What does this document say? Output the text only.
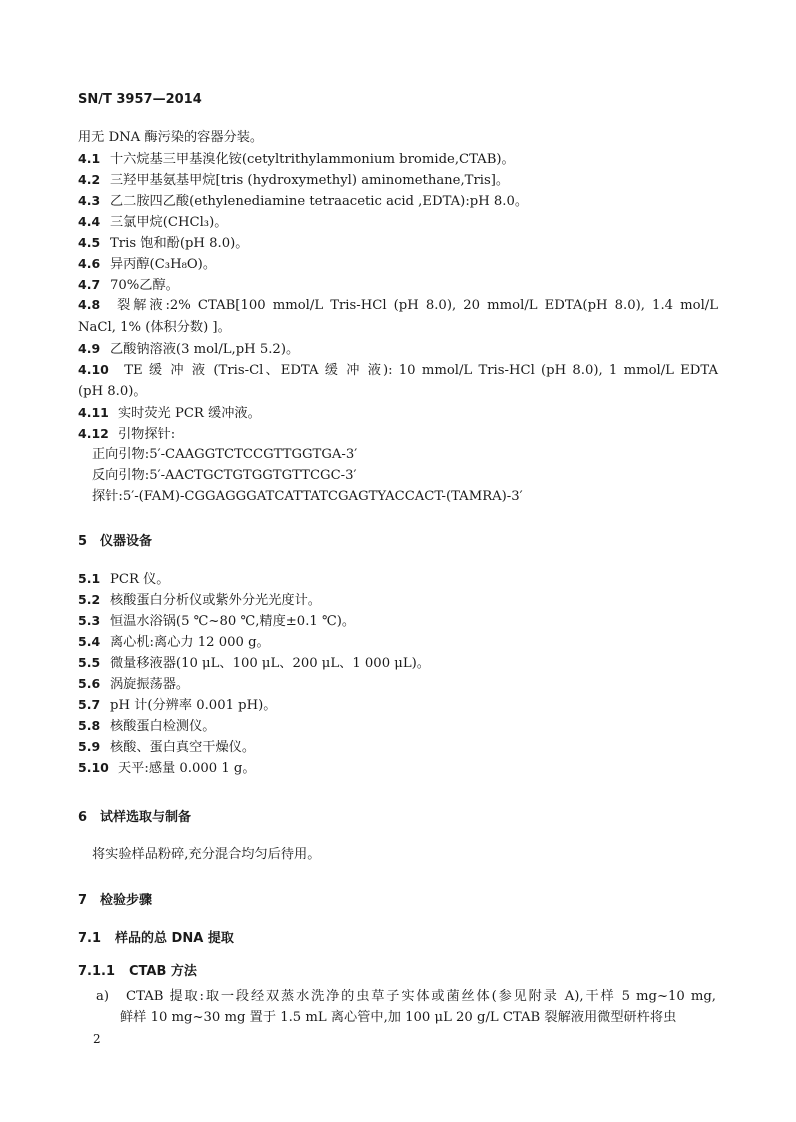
SN/T 3957—2014
用无 DNA 酶污染的容器分装。
4.1 十六烷基三甲基溴化铵(cetyltrithylammonium bromide,CTAB)。
4.2 三羟甲基氨基甲烷[tris (hydroxymethyl) aminomethane,Tris]。
4.3 乙二胺四乙酸(ethylenediamine tetraacetic acid ,EDTA):pH 8.0。
4.4 三氯甲烷(CHCl₃)。
4.5 Tris 饱和酚(pH 8.0)。
4.6 异丙醇(C₃H₈O)。
4.7 70%乙醇。
4.8 裂解液:2% CTAB[100 mmol/L Tris-HCl (pH 8.0), 20 mmol/L EDTA(pH 8.0), 1.4 mol/L
NaCl, 1% (体积分数) ]。
4.9 乙酸钠溶液(3 mol/L,pH 5.2)。
4.10 TE 缓 冲 液 (Tris-Cl、EDTA 缓 冲 液): 10 mmol/L Tris-HCl (pH 8.0), 1 mmol/L EDTA
(pH 8.0)。
4.11 实时荧光 PCR 缓冲液。
4.12 引物探针:
正向引物:5′-CAAGGTCTCCGTTGGTGA-3′
反向引物:5′-AACTGCTGTGGTGTTCGC-3′
探针:5′-(FAM)-CGGAGGGATCATTATCGAGTYACCACT-(TAMRA)-3′
5 仪器设备
5.1 PCR 仪。
5.2 核酸蛋白分析仪或紫外分光光度计。
5.3 恒温水浴锅(5 ℃~80 ℃,精度±0.1 ℃)。
5.4 离心机:离心力 12 000 g。
5.5 微量移液器(10 μL、100 μL、200 μL、1 000 μL)。
5.6 涡旋振荡器。
5.7 pH 计(分辨率 0.001 pH)。
5.8 核酸蛋白检测仪。
5.9 核酸、蛋白真空干燥仪。
5.10 天平:感量 0.000 1 g。
6 试样选取与制备
将实验样品粉碎,充分混合均匀后待用。
7 检验步骤
7.1 样品的总 DNA 提取
7.1.1 CTAB 方法
a) CTAB 提取:取一段经双蒸水洗净的虫草子实体或菌丝体(参见附录 A),干样 5 mg~10 mg,
鲜样 10 mg~30 mg 置于 1.5 mL 离心管中,加 100 μL 20 g/L CTAB 裂解液用微型研杵将虫
2
